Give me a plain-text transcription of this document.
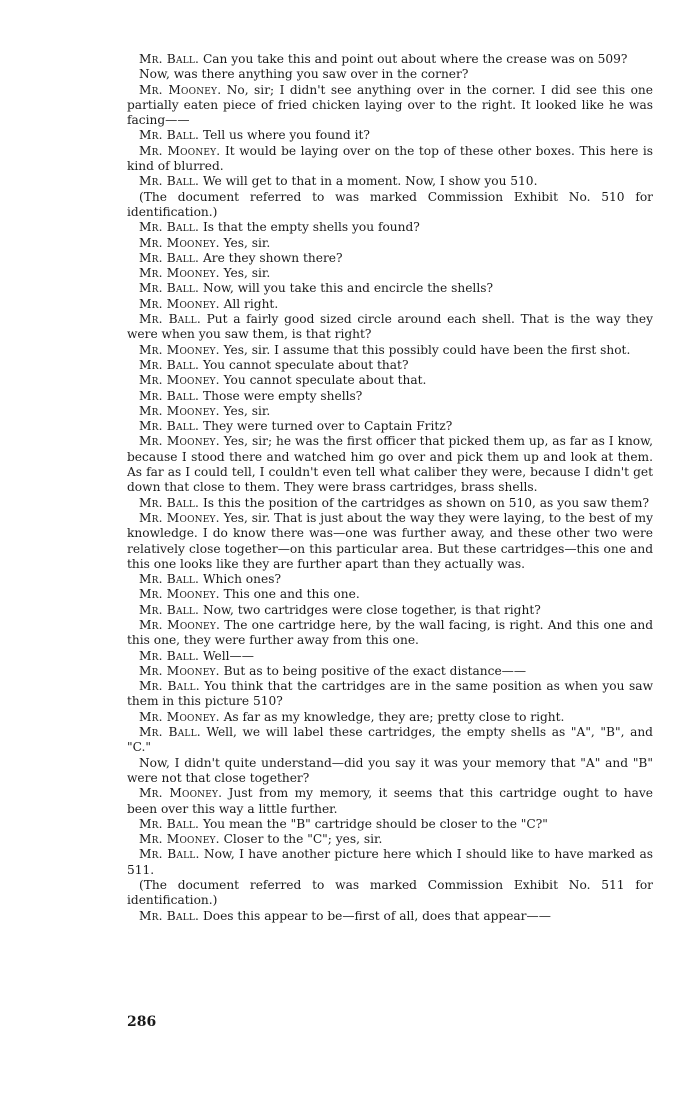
Mr. Ball. Can you take this and point out about where the crease was on 509?

Now, was there anything you saw over in the corner?

Mr. Mooney. No, sir; I didn't see anything over in the corner. I did see this one partially eaten piece of fried chicken laying over to the right. It looked like he was facing——

Mr. Ball. Tell us where you found it?

Mr. Mooney. It would be laying over on the top of these other boxes. This here is kind of blurred.

Mr. Ball. We will get to that in a moment. Now, I show you 510.

(The document referred to was marked Commission Exhibit No. 510 for identification.)

Mr. Ball. Is that the empty shells you found?

Mr. Mooney. Yes, sir.

Mr. Ball. Are they shown there?

Mr. Mooney. Yes, sir.

Mr. Ball. Now, will you take this and encircle the shells?

Mr. Mooney. All right.

Mr. Ball. Put a fairly good sized circle around each shell. That is the way they were when you saw them, is that right?

Mr. Mooney. Yes, sir. I assume that this possibly could have been the first shot.

Mr. Ball. You cannot speculate about that?

Mr. Mooney. You cannot speculate about that.

Mr. Ball. Those were empty shells?

Mr. Mooney. Yes, sir.

Mr. Ball. They were turned over to Captain Fritz?

Mr. Mooney. Yes, sir; he was the first officer that picked them up, as far as I know, because I stood there and watched him go over and pick them up and look at them. As far as I could tell, I couldn't even tell what caliber they were, because I didn't get down that close to them. They were brass cartridges, brass shells.

Mr. Ball. Is this the position of the cartridges as shown on 510, as you saw them?

Mr. Mooney. Yes, sir. That is just about the way they were laying, to the best of my knowledge. I do know there was—one was further away, and these other two were relatively close together—on this particular area. But these cartridges—this one and this one looks like they are further apart than they actually was.

Mr. Ball. Which ones?

Mr. Mooney. This one and this one.

Mr. Ball. Now, two cartridges were close together, is that right?

Mr. Mooney. The one cartridge here, by the wall facing, is right. And this one and this one, they were further away from this one.

Mr. Ball. Well——

Mr. Mooney. But as to being positive of the exact distance——

Mr. Ball. You think that the cartridges are in the same position as when you saw them in this picture 510?

Mr. Mooney. As far as my knowledge, they are; pretty close to right.

Mr. Ball. Well, we will label these cartridges, the empty shells as "A", "B", and "C."

Now, I didn't quite understand—did you say it was your memory that "A" and "B" were not that close together?

Mr. Mooney. Just from my memory, it seems that this cartridge ought to have been over this way a little further.

Mr. Ball. You mean the "B" cartridge should be closer to the "C?"

Mr. Mooney. Closer to the "C"; yes, sir.

Mr. Ball. Now, I have another picture here which I should like to have marked as 511.

(The document referred to was marked Commission Exhibit No. 511 for identification.)

Mr. Ball. Does this appear to be—first of all, does that appear——

286
